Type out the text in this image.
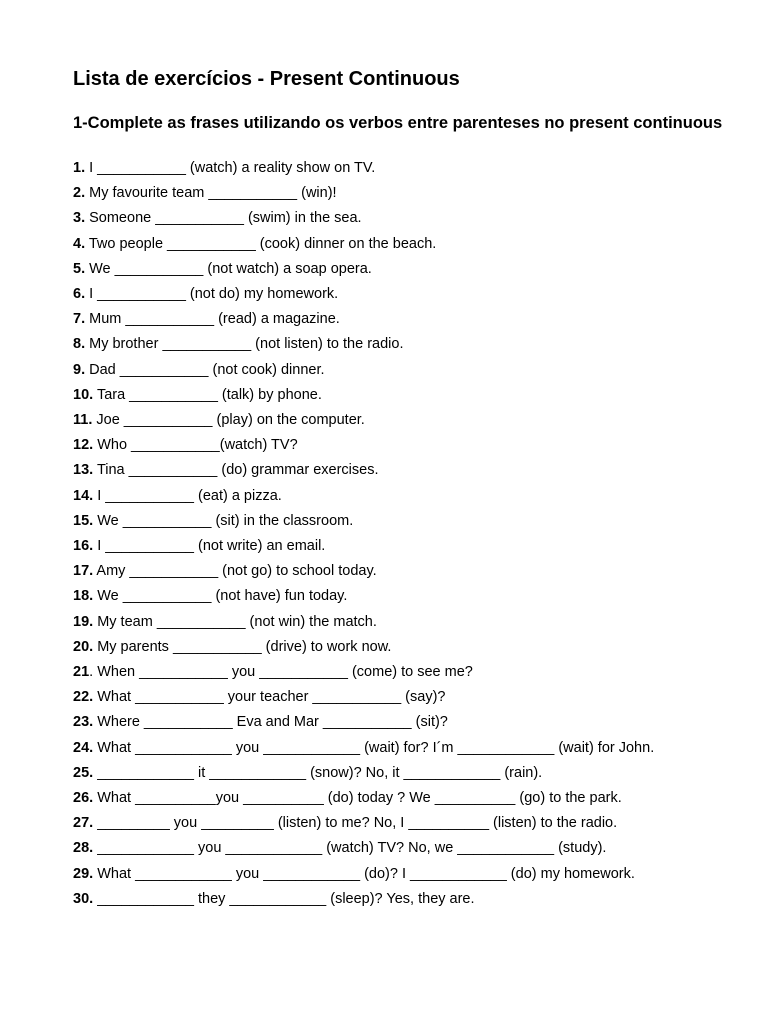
Lista de exercícios - Present Continuous

1-Complete as frases utilizando os verbos entre parenteses no present continuous

1. I ___________ (watch) a reality show on TV.
2. My favourite team ___________ (win)!
3. Someone ___________ (swim) in the sea.
4. Two people ___________ (cook) dinner on the beach.
5. We ___________ (not watch) a soap opera.
6. I ___________ (not do) my homework.
7. Mum ___________ (read) a magazine.
8. My brother ___________ (not listen) to the radio.
9. Dad ___________ (not cook) dinner.
10. Tara ___________ (talk) by phone.
11. Joe ___________ (play) on the computer.
12. Who ___________(watch) TV?
13. Tina ___________ (do) grammar exercises.
14. I ___________ (eat) a pizza.
15. We ___________ (sit) in the classroom.
16. I ___________ (not write) an email.
17. Amy ___________ (not go) to school today.
18. We ___________ (not have) fun today.
19. My team ___________ (not win) the match.
20. My parents ___________ (drive) to work now.
21. When ___________ you ___________ (come) to see me?
22. What ___________ your teacher ___________ (say)?
23. Where ___________ Eva and Mar ___________ (sit)?
24. What ____________ you ____________ (wait) for? I´m ____________ (wait) for John.
25. ____________ it ____________ (snow)? No, it ____________ (rain).
26. What __________you __________ (do) today ? We __________ (go) to the park.
27. _________ you _________ (listen) to me? No, I __________ (listen) to the radio.
28. ____________ you ____________ (watch) TV? No, we ____________ (study).
29. What ____________ you ____________ (do)? I ____________ (do) my homework.
30. ____________ they ____________ (sleep)? Yes, they are.
